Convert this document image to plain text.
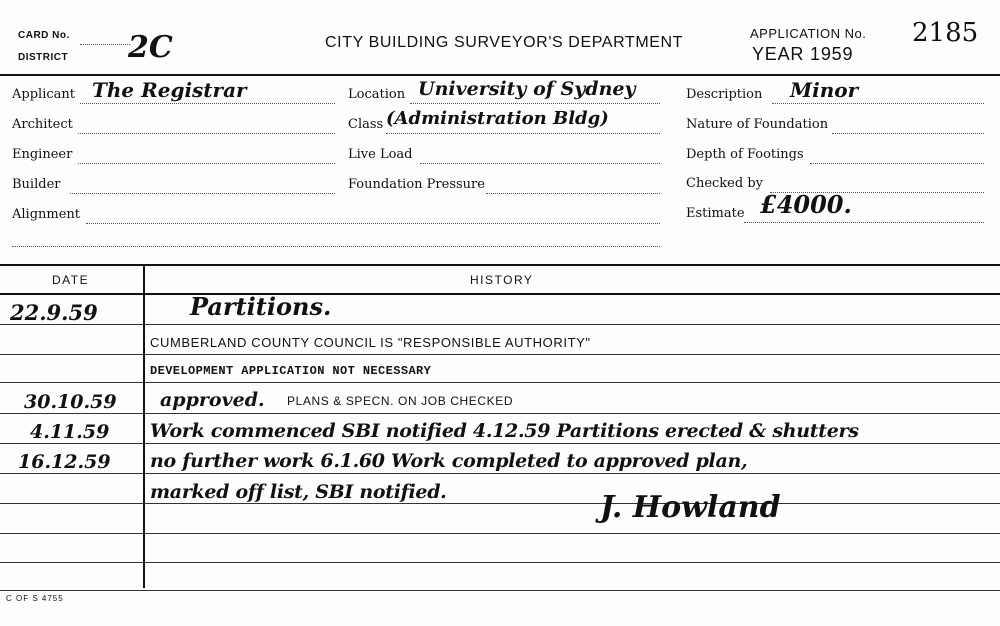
CARD No.
DISTRICT 2C	CITY BUILDING SURVEYOR'S DEPARTMENT
APPLICATION No.
YEAR 1959
2185
Applicant The Registrar
Architect
Engineer
Builder
Alignment
Location University of Sydney
Class (Administration Bldg)
Live Load
Foundation Pressure
Description Minor
Nature of Foundation
Depth of Footings
Checked by
Estimate £4000.
DATE	HISTORY
22.9.59	Partitions.
CUMBERLAND COUNTY COUNCIL IS "RESPONSIBLE AUTHORITY"
DEVELOPMENT APPLICATION NOT NECESSARY
30.10.59 approved. PLANS & SPECN. ON JOB CHECKED
4.11.59 Work commenced SBI notified 4.12.59 Partitions erected & shutters
16.12.59 no further work 6.1.60 Work completed to approved plan,
marked off list, SBI notified.	J. Howland
C OF S 4755
